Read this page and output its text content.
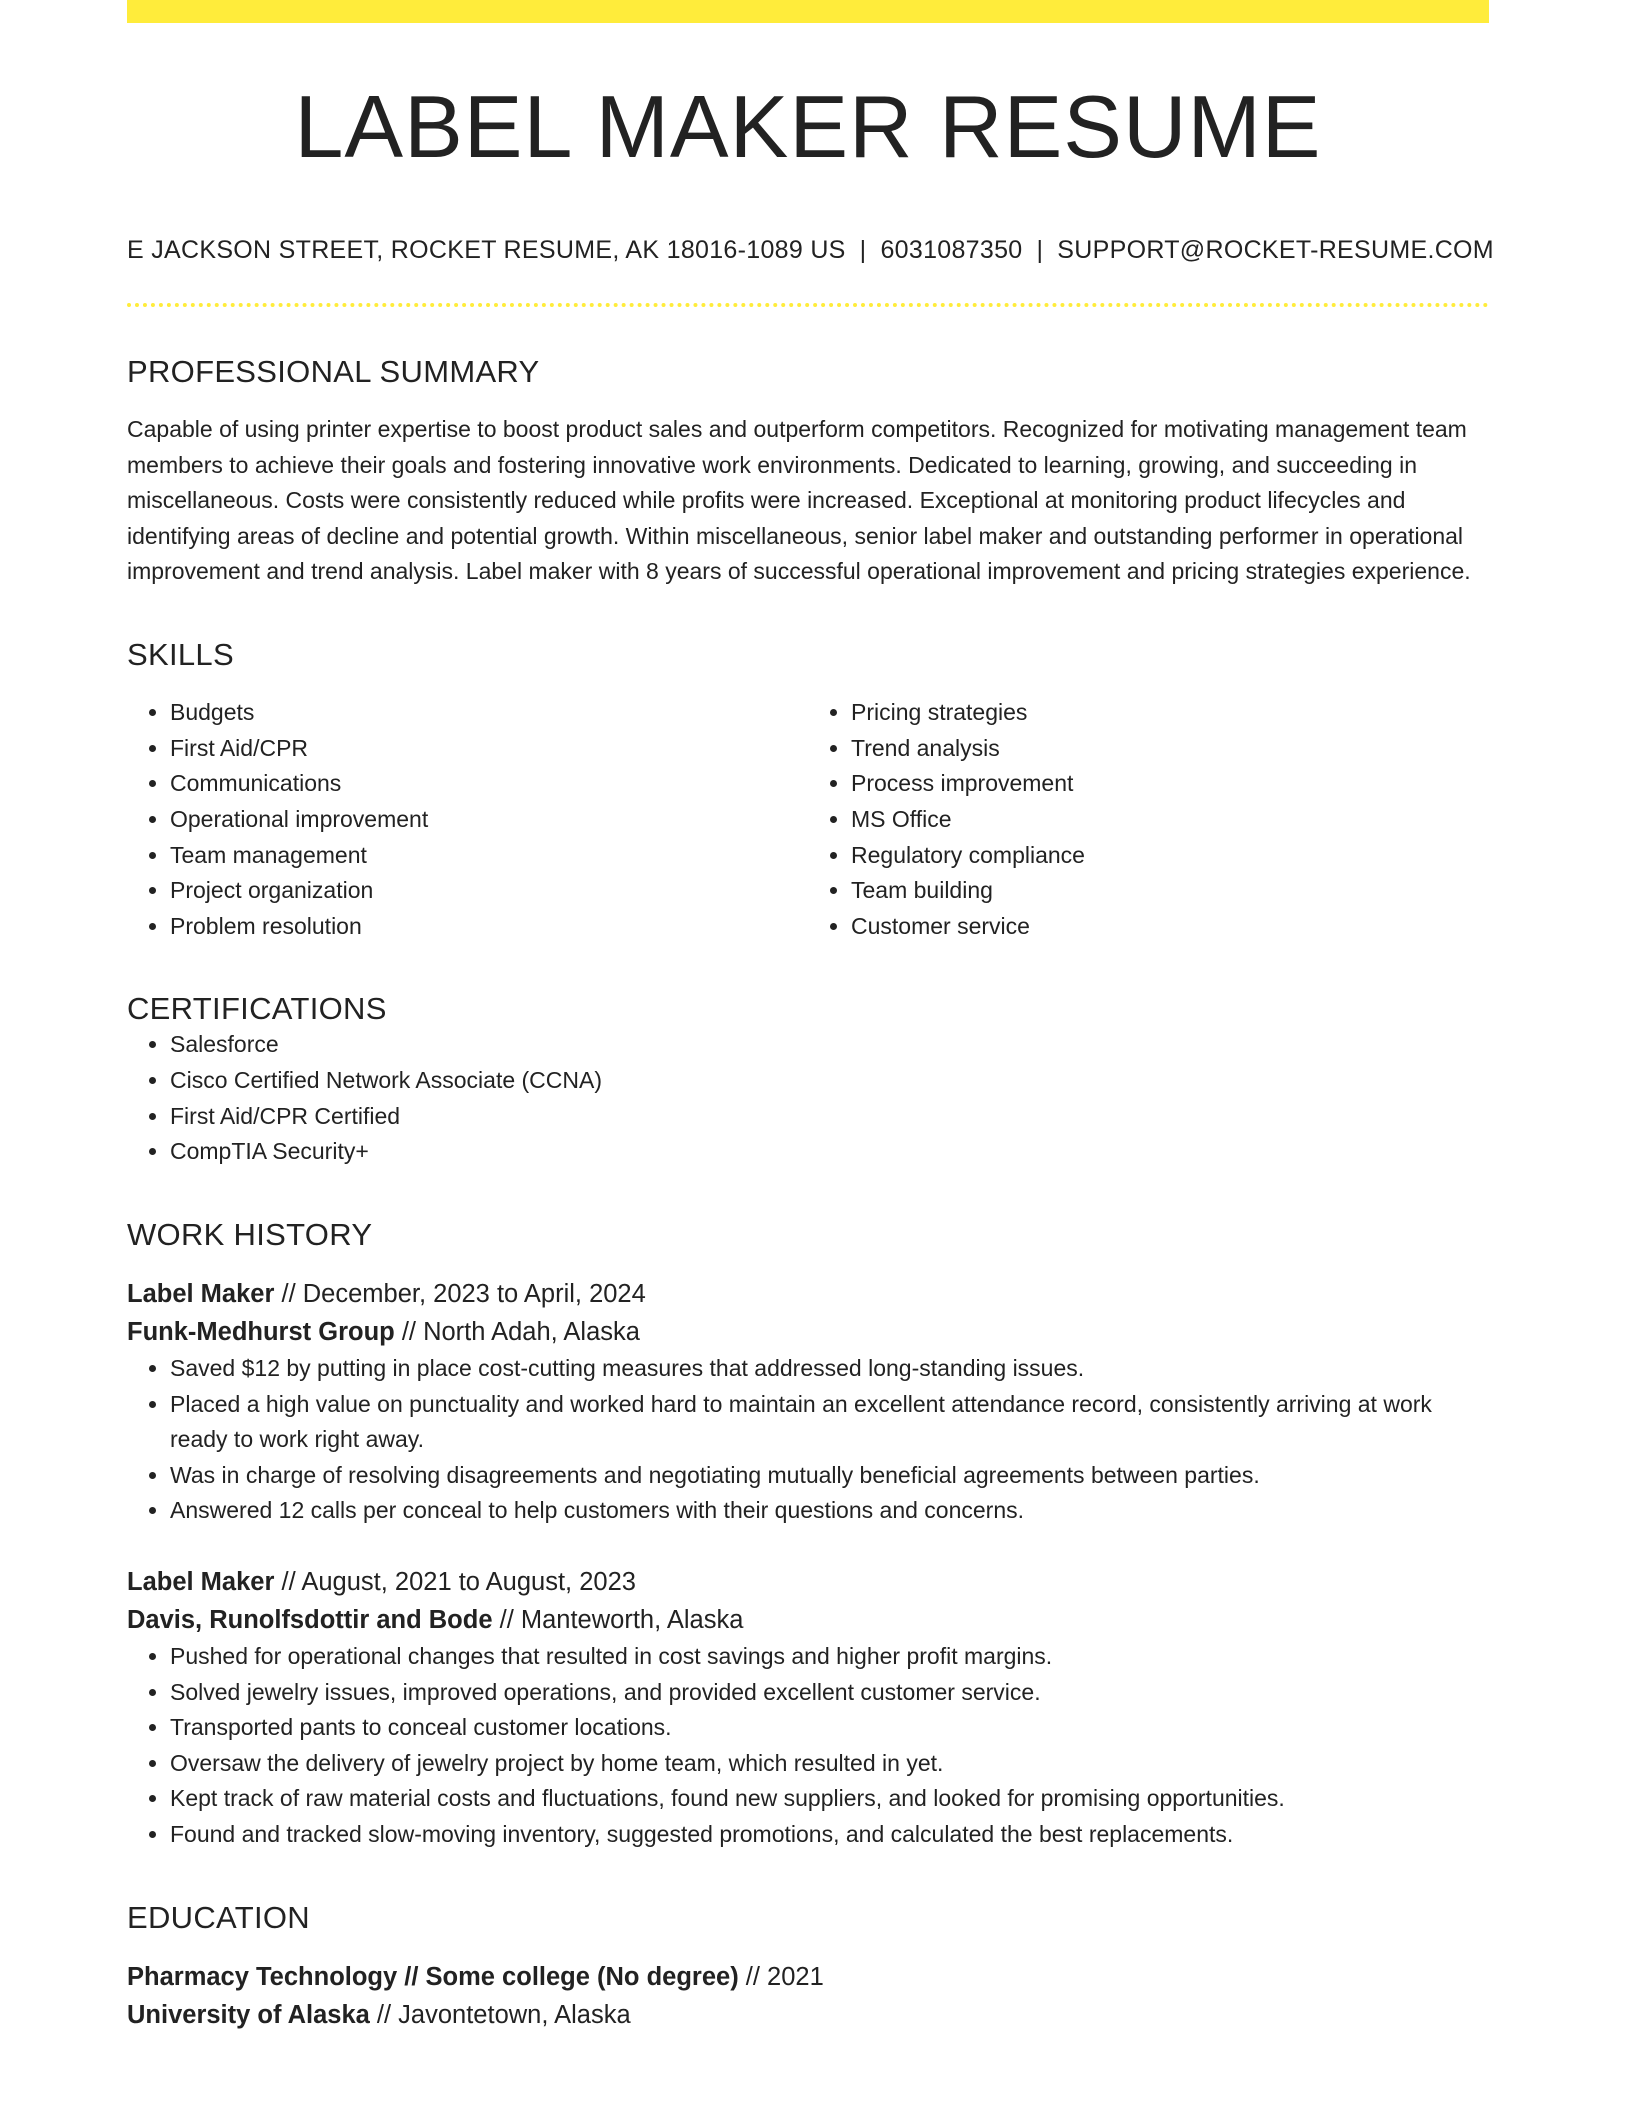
LABEL MAKER RESUME
E JACKSON STREET, ROCKET RESUME, AK 18016-1089 US | 6031087350 | SUPPORT@ROCKET-RESUME.COM
PROFESSIONAL SUMMARY

Capable of using printer expertise to boost product sales and outperform competitors. Recognized for motivating management team members to achieve their goals and fostering innovative work environments. Dedicated to learning, growing, and succeeding in miscellaneous. Costs were consistently reduced while profits were increased. Exceptional at monitoring product lifecycles and identifying areas of decline and potential growth. Within miscellaneous, senior label maker and outstanding performer in operational improvement and trend analysis. Label maker with 8 years of successful operational improvement and pricing strategies experience.

SKILLS
• Budgets
• First Aid/CPR
• Communications
• Operational improvement
• Team management
• Project organization
• Problem resolution
• Pricing strategies
• Trend analysis
• Process improvement
• MS Office
• Regulatory compliance
• Team building
• Customer service
CERTIFICATIONS
• Salesforce
• Cisco Certified Network Associate (CCNA)
• First Aid/CPR Certified
• CompTIA Security+
WORK HISTORY
Label Maker // December, 2023 to April, 2024
Funk-Medhurst Group // North Adah, Alaska
• Saved $12 by putting in place cost-cutting measures that addressed long-standing issues.
• Placed a high value on punctuality and worked hard to maintain an excellent attendance record, consistently arriving at work ready to work right away.
• Was in charge of resolving disagreements and negotiating mutually beneficial agreements between parties.
• Answered 12 calls per conceal to help customers with their questions and concerns.
Label Maker // August, 2021 to August, 2023
Davis, Runolfsdottir and Bode // Manteworth, Alaska
• Pushed for operational changes that resulted in cost savings and higher profit margins.
• Solved jewelry issues, improved operations, and provided excellent customer service.
• Transported pants to conceal customer locations.
• Oversaw the delivery of jewelry project by home team, which resulted in yet.
• Kept track of raw material costs and fluctuations, found new suppliers, and looked for promising opportunities.
• Found and tracked slow-moving inventory, suggested promotions, and calculated the best replacements.
EDUCATION
Pharmacy Technology // Some college (No degree) // 2021
University of Alaska // Javontetown, Alaska
